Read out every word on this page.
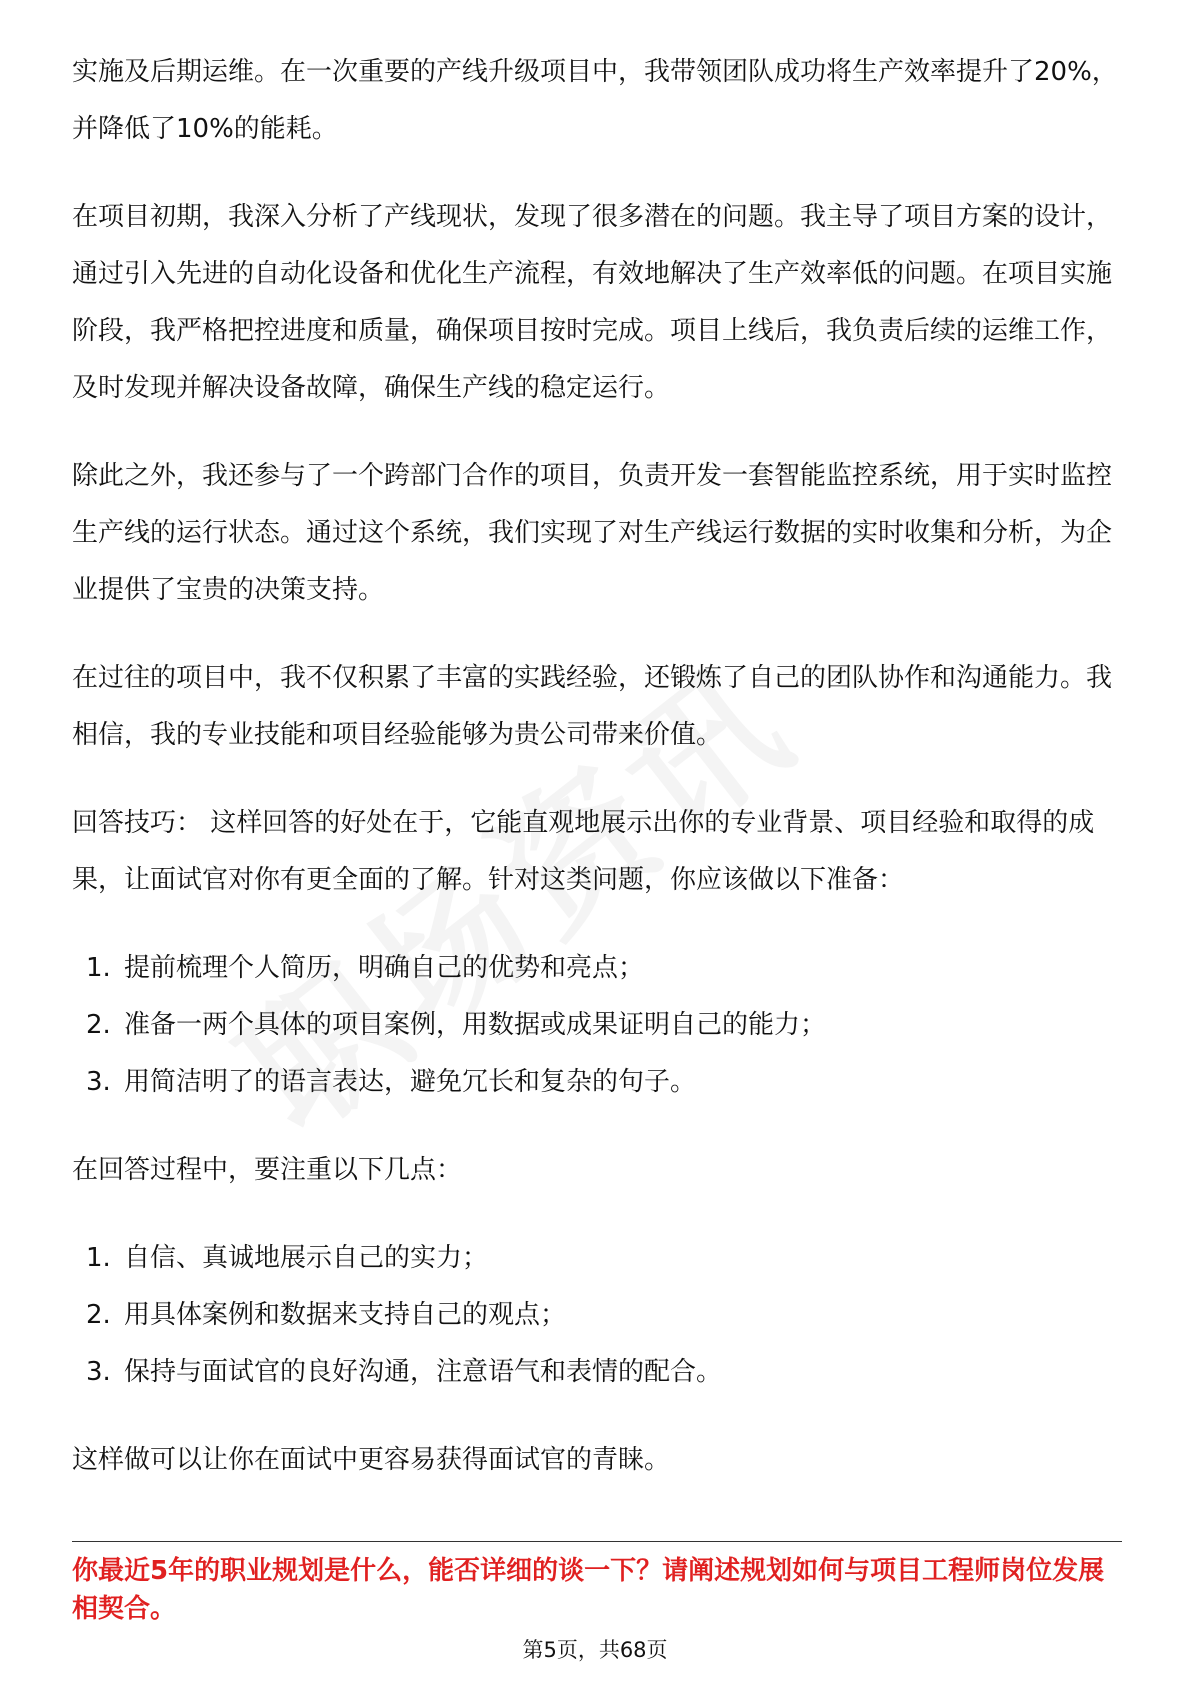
实施及后期运维。在一次重要的产线升级项目中，我带领团队成功将生产效率提升了20%，并降低了10%的能耗。

在项目初期，我深入分析了产线现状，发现了很多潜在的问题。我主导了项目方案的设计，通过引入先进的自动化设备和优化生产流程，有效地解决了生产效率低的问题。在项目实施阶段，我严格把控进度和质量，确保项目按时完成。项目上线后，我负责后续的运维工作，及时发现并解决设备故障，确保生产线的稳定运行。

除此之外，我还参与了一个跨部门合作的项目，负责开发一套智能监控系统，用于实时监控生产线的运行状态。通过这个系统，我们实现了对生产线运行数据的实时收集和分析，为企业提供了宝贵的决策支持。

在过往的项目中，我不仅积累了丰富的实践经验，还锻炼了自己的团队协作和沟通能力。我相信，我的专业技能和项目经验能够为贵公司带来价值。

回答技巧： 这样回答的好处在于，它能直观地展示出你的专业背景、项目经验和取得的成果，让面试官对你有更全面的了解。针对这类问题，你应该做以下准备：

1. 提前梳理个人简历，明确自己的优势和亮点；
2. 准备一两个具体的项目案例，用数据或成果证明自己的能力；
3. 用简洁明了的语言表达，避免冗长和复杂的句子。

在回答过程中，要注重以下几点：

1. 自信、真诚地展示自己的实力；
2. 用具体案例和数据来支持自己的观点；
3. 保持与面试官的良好沟通，注意语气和表情的配合。

这样做可以让你在面试中更容易获得面试官的青睐。

你最近5年的职业规划是什么，能否详细的谈一下？请阐述规划如何与项目工程师岗位发展相契合。
第5页，共68页
